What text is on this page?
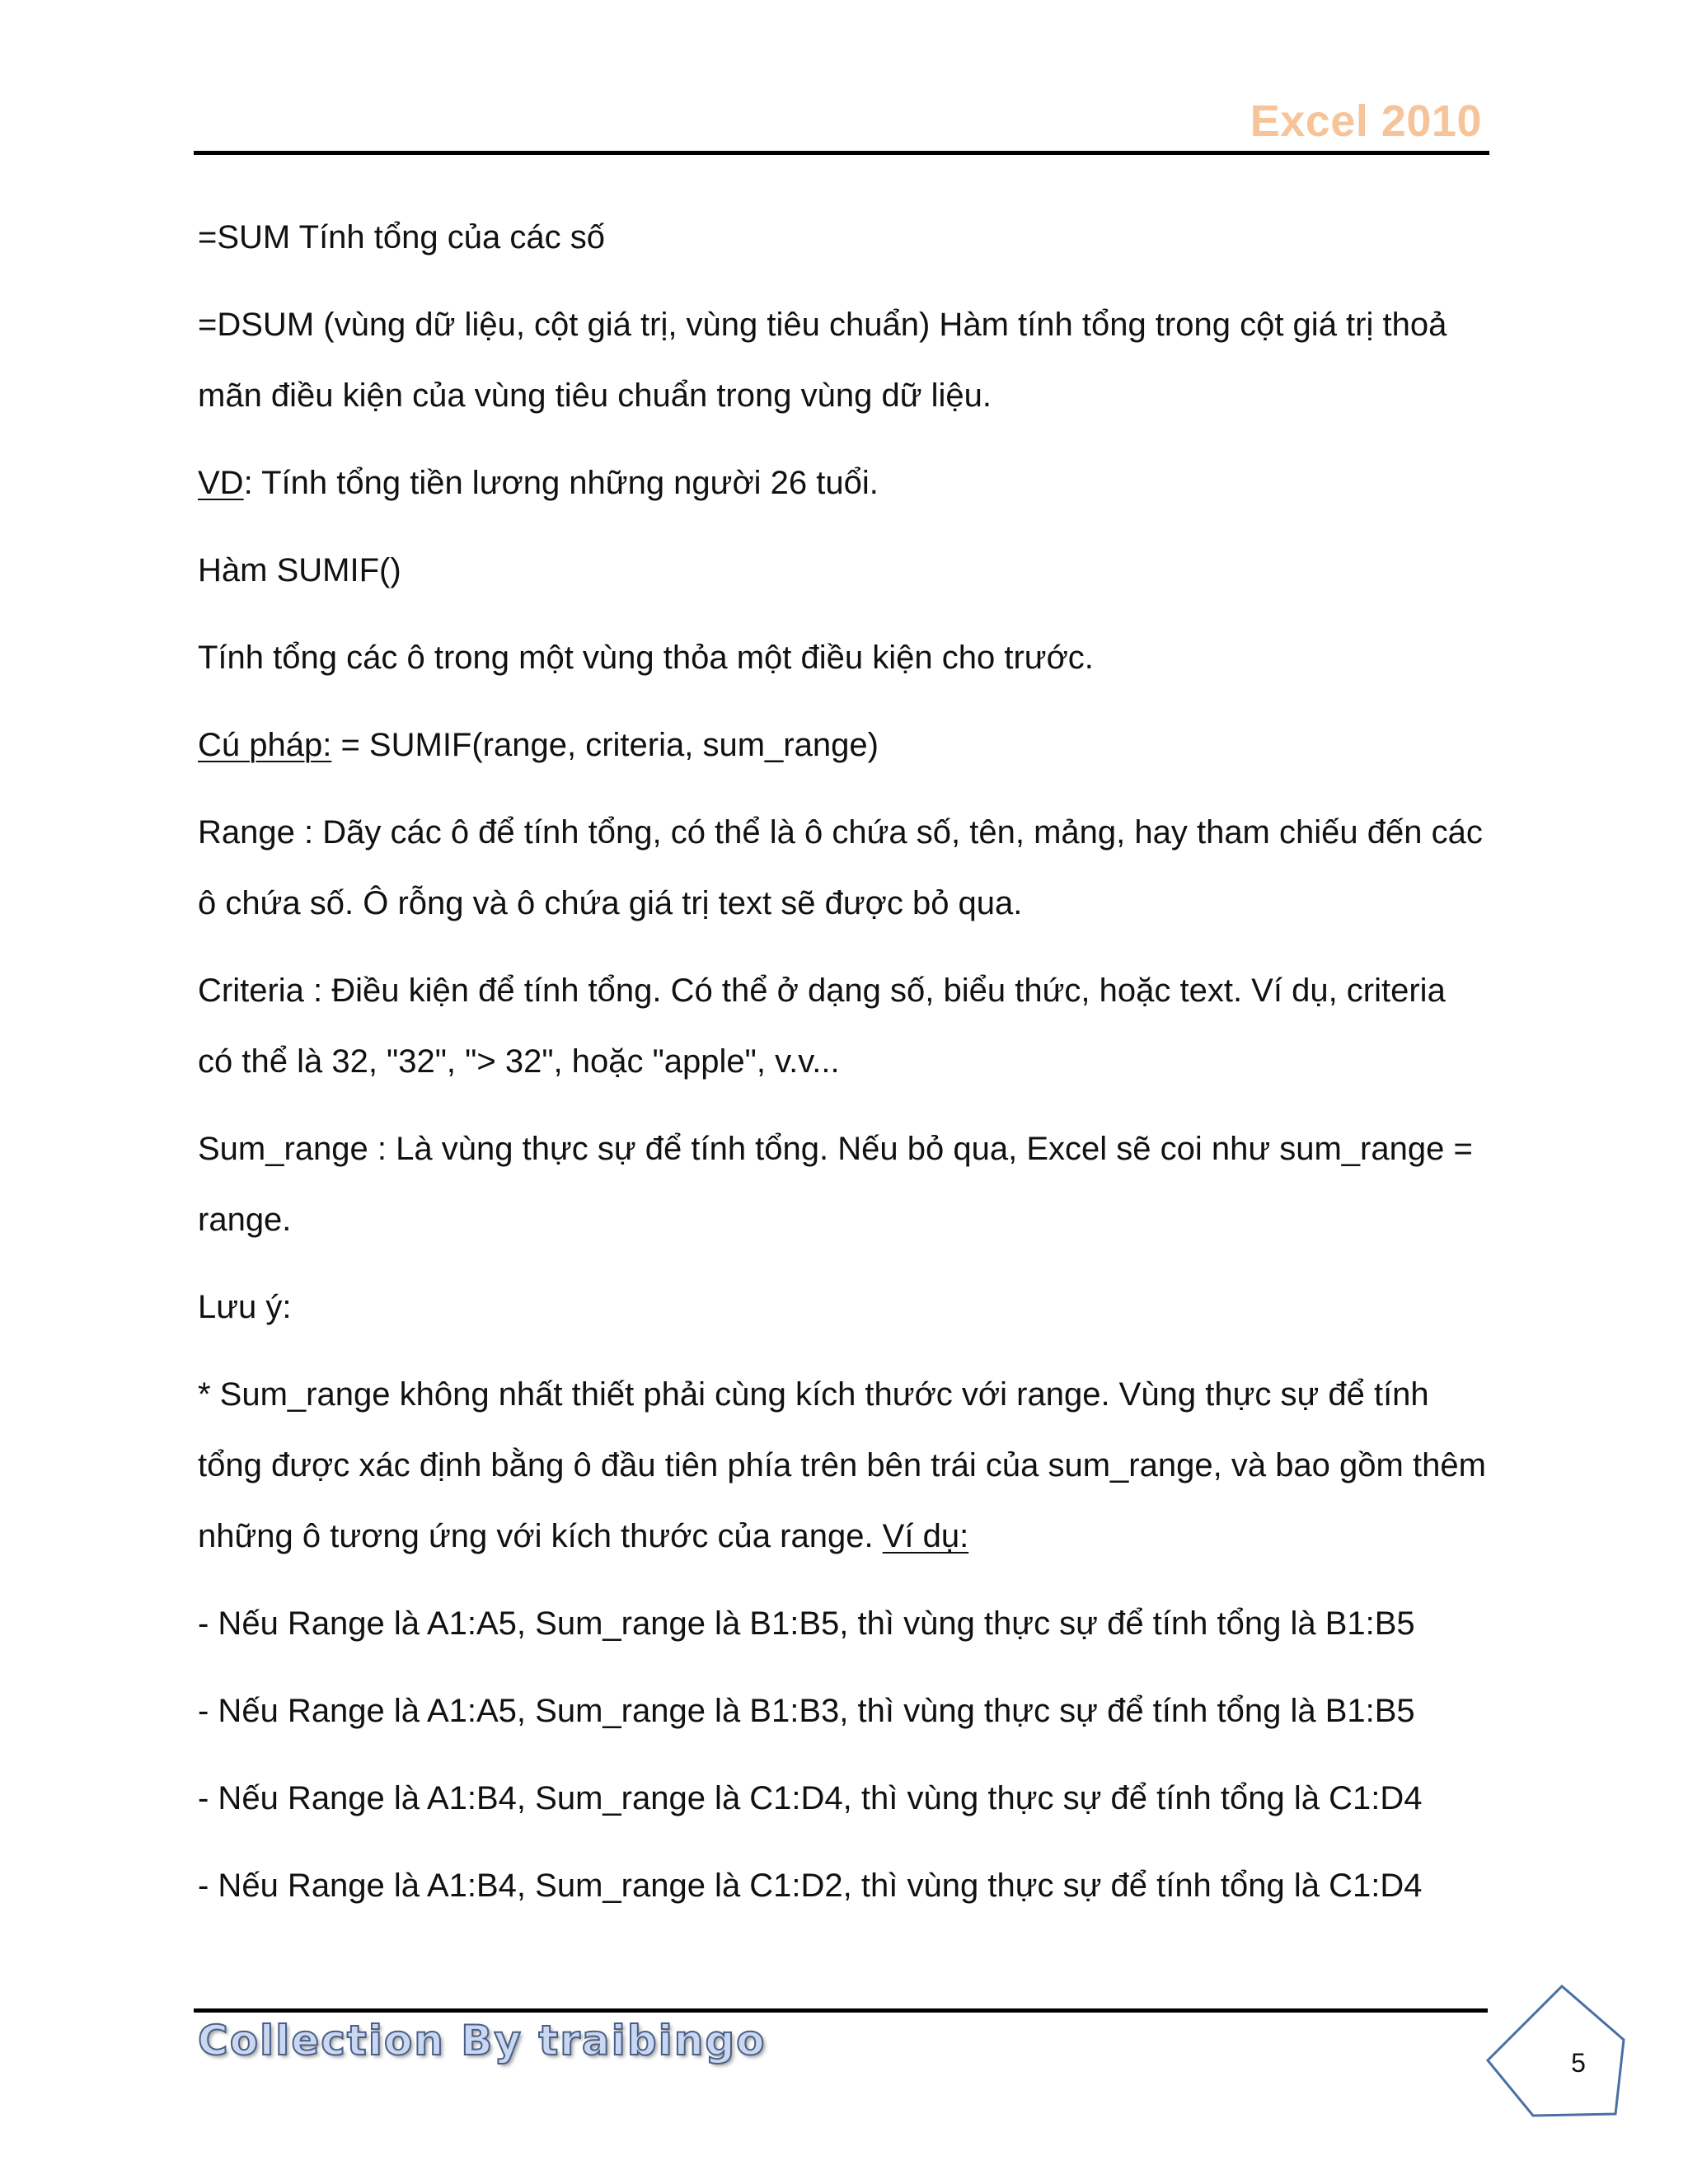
Excel 2010

=SUM Tính tổng của các số

=DSUM (vùng dữ liệu, cột giá trị, vùng tiêu chuẩn) Hàm tính tổng trong cột giá trị thoả mãn điều kiện của vùng tiêu chuẩn trong vùng dữ liệu.

VD: Tính tổng tiền lương những người 26 tuổi.

Hàm SUMIF()

Tính tổng các ô trong một vùng thỏa một điều kiện cho trước.

Cú pháp: = SUMIF(range, criteria, sum_range)

Range : Dãy các ô để tính tổng, có thể là ô chứa số, tên, mảng, hay tham chiếu đến các ô chứa số. Ô rỗng và ô chứa giá trị text sẽ được bỏ qua.

Criteria : Điều kiện để tính tổng. Có thể ở dạng số, biểu thức, hoặc text. Ví dụ, criteria có thể là 32, "32", "> 32", hoặc "apple", v.v...

Sum_range : Là vùng thực sự để tính tổng. Nếu bỏ qua, Excel sẽ coi như sum_range = range.

Lưu ý:

* Sum_range không nhất thiết phải cùng kích thước với range. Vùng thực sự để tính tổng được xác định bằng ô đầu tiên phía trên bên trái của sum_range, và bao gồm thêm những ô tương ứng với kích thước của range. Ví dụ:

- Nếu Range là A1:A5, Sum_range là B1:B5, thì vùng thực sự để tính tổng là B1:B5

- Nếu Range là A1:A5, Sum_range là B1:B3, thì vùng thực sự để tính tổng là B1:B5

- Nếu Range là A1:B4, Sum_range là C1:D4, thì vùng thực sự để tính tổng là C1:D4

- Nếu Range là A1:B4, Sum_range là C1:D2, thì vùng thực sự để tính tổng là C1:D4

Collection By traibingo	5
